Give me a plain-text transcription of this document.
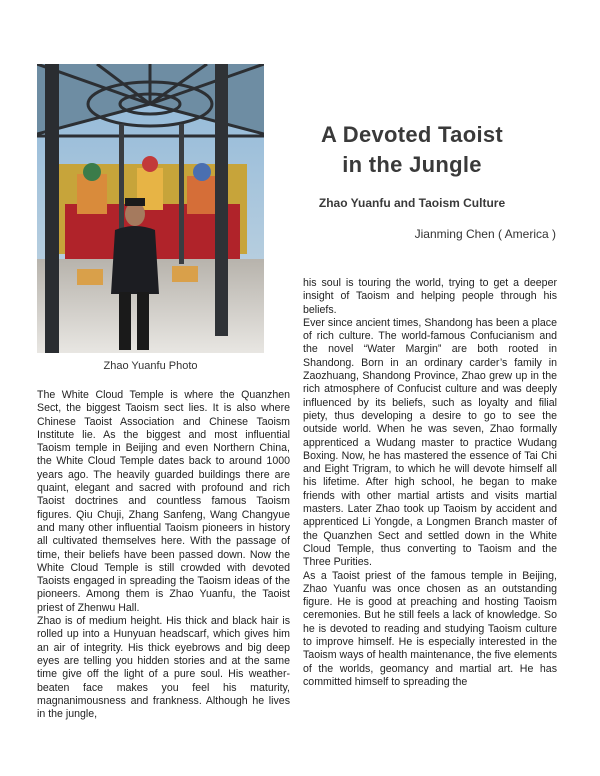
Zhao Yuanfu Photo
A Devoted Taoist
in the Jungle
Zhao Yuanfu and Taoism Culture
Jianming Chen ( America )

The White Cloud Temple is where the Quanzhen Sect, the biggest Taoism sect lies. It is also where Chinese Taoist Association and Chinese Taoism Institute lie. As the biggest and most influential Taoism temple in Beijing and even Northern China, the White Cloud Temple dates back to around 1000 years ago. The heavily guarded buildings there are quaint, elegant and sacred with profound and rich Taoist doctrines and countless famous Taoism figures. Qiu Chuji, Zhang Sanfeng, Wang Changyue and many other influential Taoism pioneers in history all cultivated themselves here. With the passage of time, their beliefs have been passed down. Now the White Cloud Temple is still crowded with devoted Taoists engaged in spreading the Taoism ideas of the pioneers. Among them is Zhao Yuanfu, the Taoist priest of Zhenwu Hall.

Zhao is of medium height. His thick and black hair is rolled up into a Hunyuan headscarf, which gives him an air of integrity. His thick eyebrows and big deep eyes are telling you hidden stories and at the same time give off the light of a pure soul. His weather-beaten face makes you feel his maturity, magnanimousness and frankness. Although he lives in the jungle,

his soul is touring the world, trying to get a deeper insight of Taoism and helping people through his beliefs.

Ever since ancient times, Shandong has been a place of rich culture. The world-famous Confucianism and the novel “Water Margin” are both rooted in Shandong. Born in an ordinary carder’s family in Zaozhuang, Shandong Province, Zhao grew up in the rich atmosphere of Confucist culture and was deeply influenced by its beliefs, such as loyalty and filial piety, thus developing a desire to go to see the outside world. When he was seven, Zhao formally apprenticed a Wudang master to practice Wudang Boxing. Now, he has mastered the essence of Tai Chi and Eight Trigram, to which he will devote himself all his lifetime. After high school, he began to make friends with other martial artists and visits martial masters. Later Zhao took up Taoism by accident and apprenticed Li Yongde, a Longmen Branch master of the Quanzhen Sect and settled down in the White Cloud Temple, thus converting to Taoism and the Three Purities.

As a Taoist priest of the famous temple in Beijing, Zhao Yuanfu was once chosen as an outstanding figure. He is good at preaching and hosting Taoism ceremonies. But he still feels a lack of knowledge. So he is devoted to reading and studying Taoism culture to improve himself. He is especially interested in the Taoism ways of health maintenance, the five elements of the worlds, geomancy and martial art. He has committed himself to spreading the
